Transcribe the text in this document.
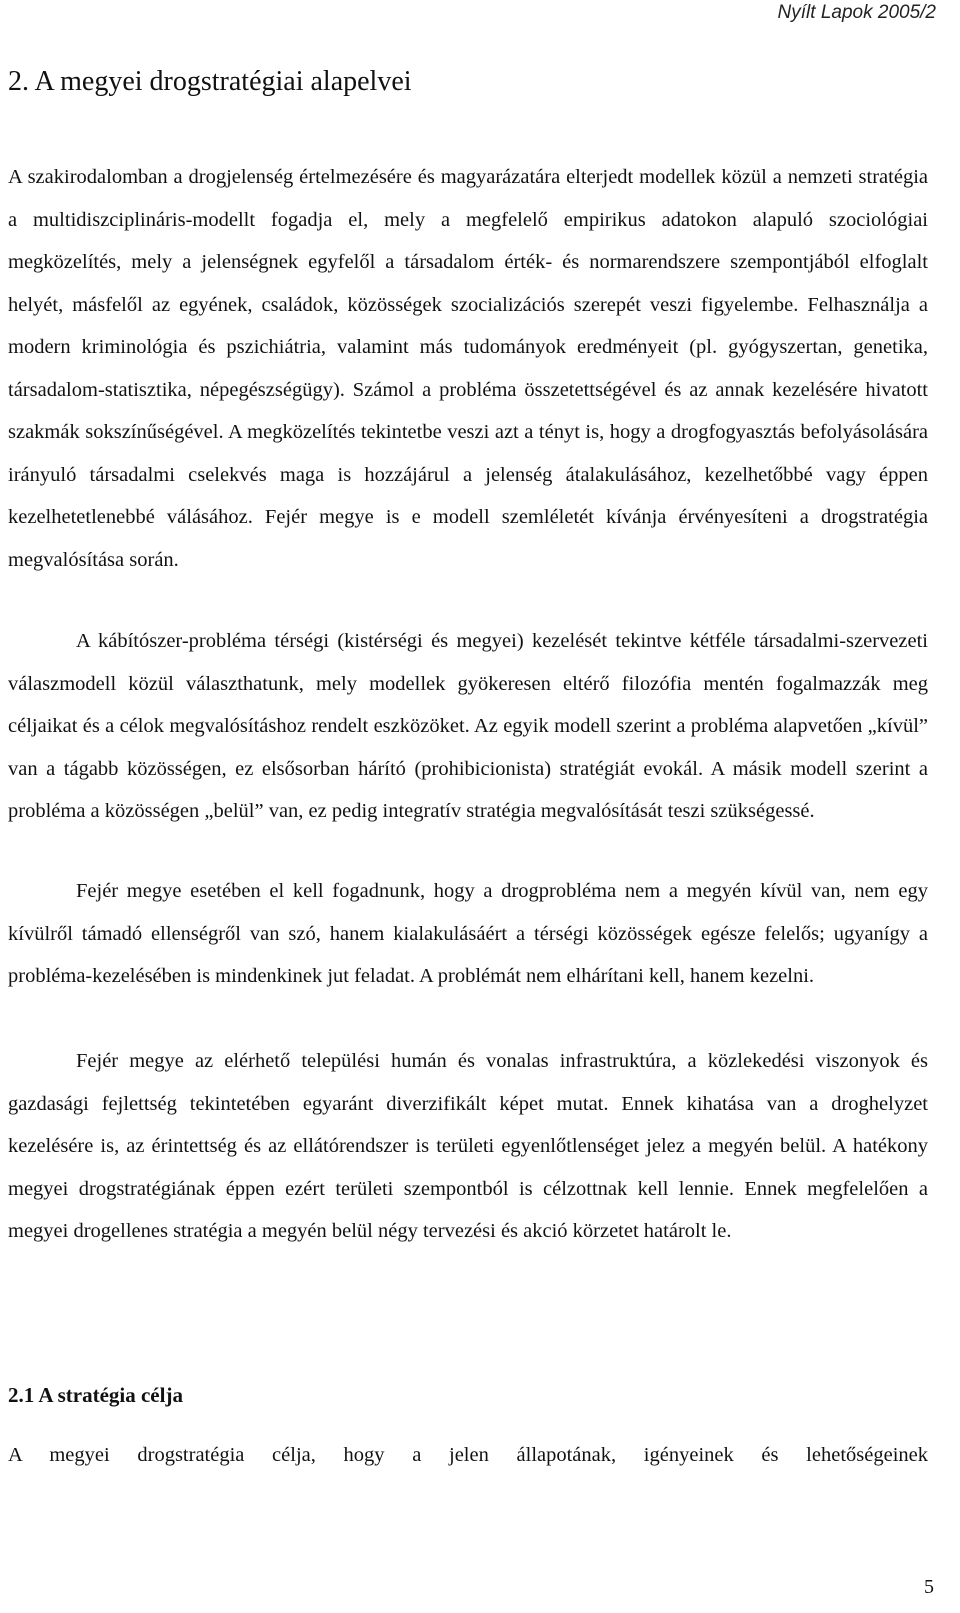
Nyílt Lapok 2005/2
2. A megyei drogstratégiai alapelvei

A szakirodalomban a drogjelenség értelmezésére és magyarázatára elterjedt modellek közül a nemzeti stratégia a multidiszciplináris-modellt fogadja el, mely a megfelelő empirikus adatokon alapuló szociológiai megközelítés, mely a jelenségnek egyfelől a társadalom érték- és normarendszere szempontjából elfoglalt helyét, másfelől az egyének, családok, közösségek szocializációs szerepét veszi figyelembe. Felhasználja a modern kriminológia és pszichiátria, valamint más tudományok eredményeit (pl. gyógyszertan, genetika, társadalom-statisztika, népegészségügy). Számol a probléma összetettségével és az annak kezelésére hivatott szakmák sokszínűségével. A megközelítés tekintetbe veszi azt a tényt is, hogy a drogfogyasztás befolyásolására irányuló társadalmi cselekvés maga is hozzájárul a jelenség átalakulásához, kezelhetőbbé vagy éppen kezelhetetlenebbé válásához. Fejér megye is e modell szemléletét kívánja érvényesíteni a drogstratégia megvalósítása során.

A kábítószer-probléma térségi (kistérségi és megyei) kezelését tekintve kétféle társadalmi-szervezeti válaszmodell közül választhatunk, mely modellek gyökeresen eltérő filozófia mentén fogalmazzák meg céljaikat és a célok megvalósításhoz rendelt eszközöket. Az egyik modell szerint a probléma alapvetően „kívül” van a tágabb közösségen, ez elsősorban hárító (prohibicionista) stratégiát evokál. A másik modell szerint a probléma a közösségen „belül” van, ez pedig integratív stratégia megvalósítását teszi szükségessé.

Fejér megye esetében el kell fogadnunk, hogy a drogprobléma nem a megyén kívül van, nem egy kívülről támadó ellenségről van szó, hanem kialakulásáért a térségi közösségek egésze felelős; ugyanígy a probléma-kezelésében is mindenkinek jut feladat. A problémát nem elhárítani kell, hanem kezelni.

Fejér megye az elérhető települési humán és vonalas infrastruktúra, a közlekedési viszonyok és gazdasági fejlettség tekintetében egyaránt diverzifikált képet mutat. Ennek kihatása van a droghelyzet kezelésére is, az érintettség és az ellátórendszer is területi egyenlőtlenséget jelez a megyén belül. A hatékony megyei drogstratégiának éppen ezért területi szempontból is célzottnak kell lennie. Ennek megfelelően a megyei drogellenes stratégia a megyén belül négy tervezési és akció körzetet határolt le.

2.1 A stratégia célja

A megyei drogstratégia célja, hogy a jelen állapotának, igényeinek és lehetőségeinek

5
